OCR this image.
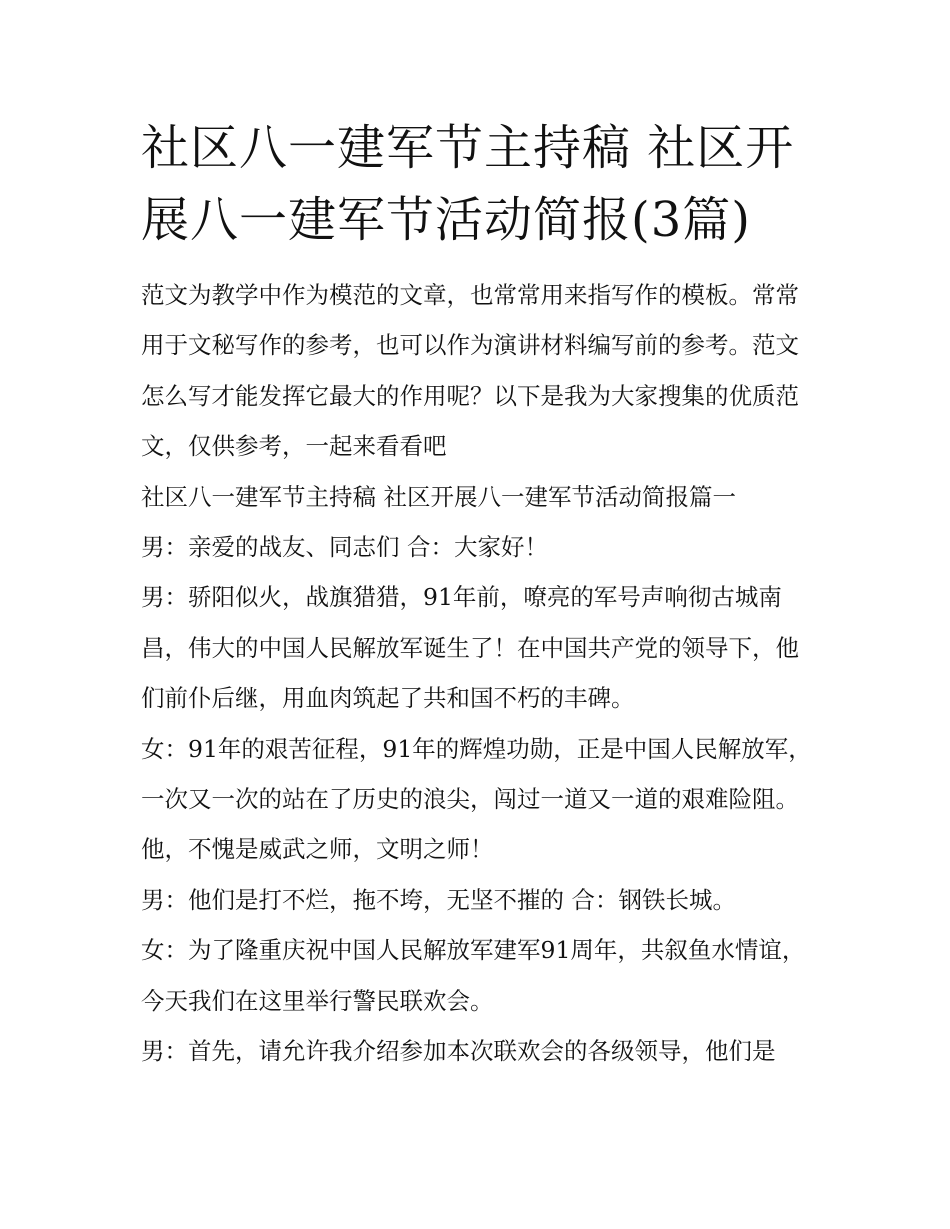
社区八一建军节主持稿 社区开展八一建军节活动简报(3篇)

范文为教学中作为模范的文章，也常常用来指写作的模板。常常用于文秘写作的参考，也可以作为演讲材料编写前的参考。范文怎么写才能发挥它最大的作用呢？以下是我为大家搜集的优质范文，仅供参考，一起来看看吧

社区八一建军节主持稿 社区开展八一建军节活动简报篇一

男：亲爱的战友、同志们 合：大家好！

男：骄阳似火，战旗猎猎，91年前，嘹亮的军号声响彻古城南昌，伟大的中国人民解放军诞生了！在中国共产党的领导下，他们前仆后继，用血肉筑起了共和国不朽的丰碑。

女：91年的艰苦征程，91年的辉煌功勋，正是中国人民解放军，一次又一次的站在了历史的浪尖，闯过一道又一道的艰难险阻。他，不愧是威武之师，文明之师！

男：他们是打不烂，拖不垮，无坚不摧的 合：钢铁长城。

女：为了隆重庆祝中国人民解放军建军91周年，共叙鱼水情谊，今天我们在这里举行警民联欢会。

男：首先，请允许我介绍参加本次联欢会的各级领导，他们是
